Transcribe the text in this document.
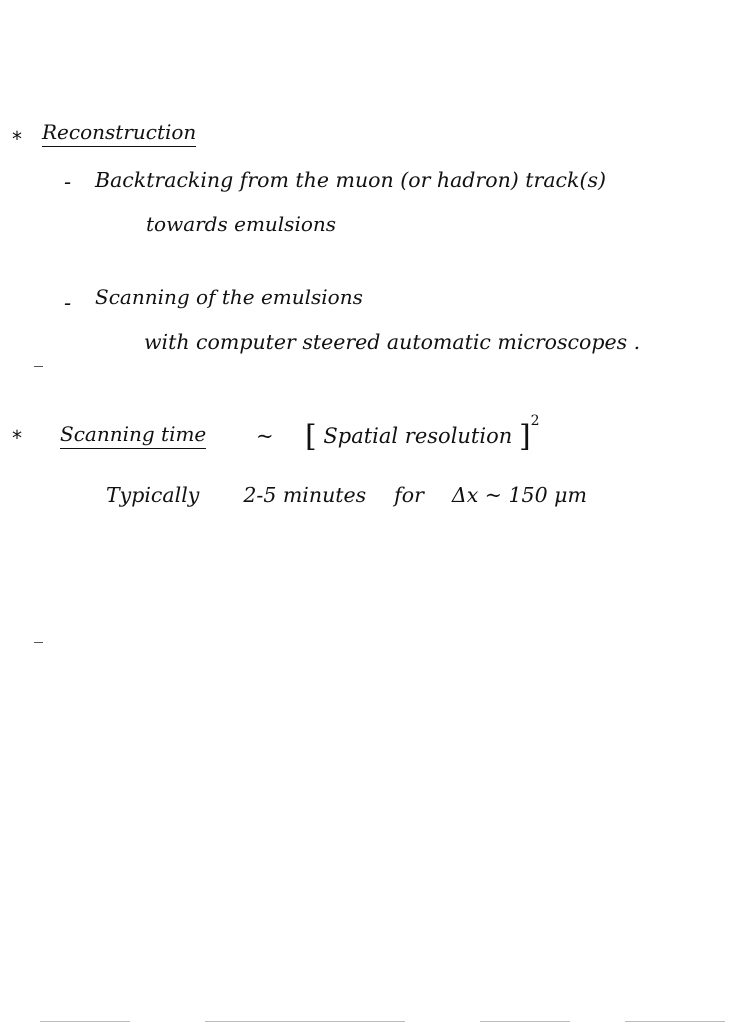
* Reconstruction
- Backtracking from the muon (or hadron) track(s)
towards emulsions
- Scanning of the emulsions
with computer steered automatic microscopes .
* Scanning time ~ [ Spatial resolution ]$^2$
Typically 2-5 minutes for Δx ~ 150 μm
